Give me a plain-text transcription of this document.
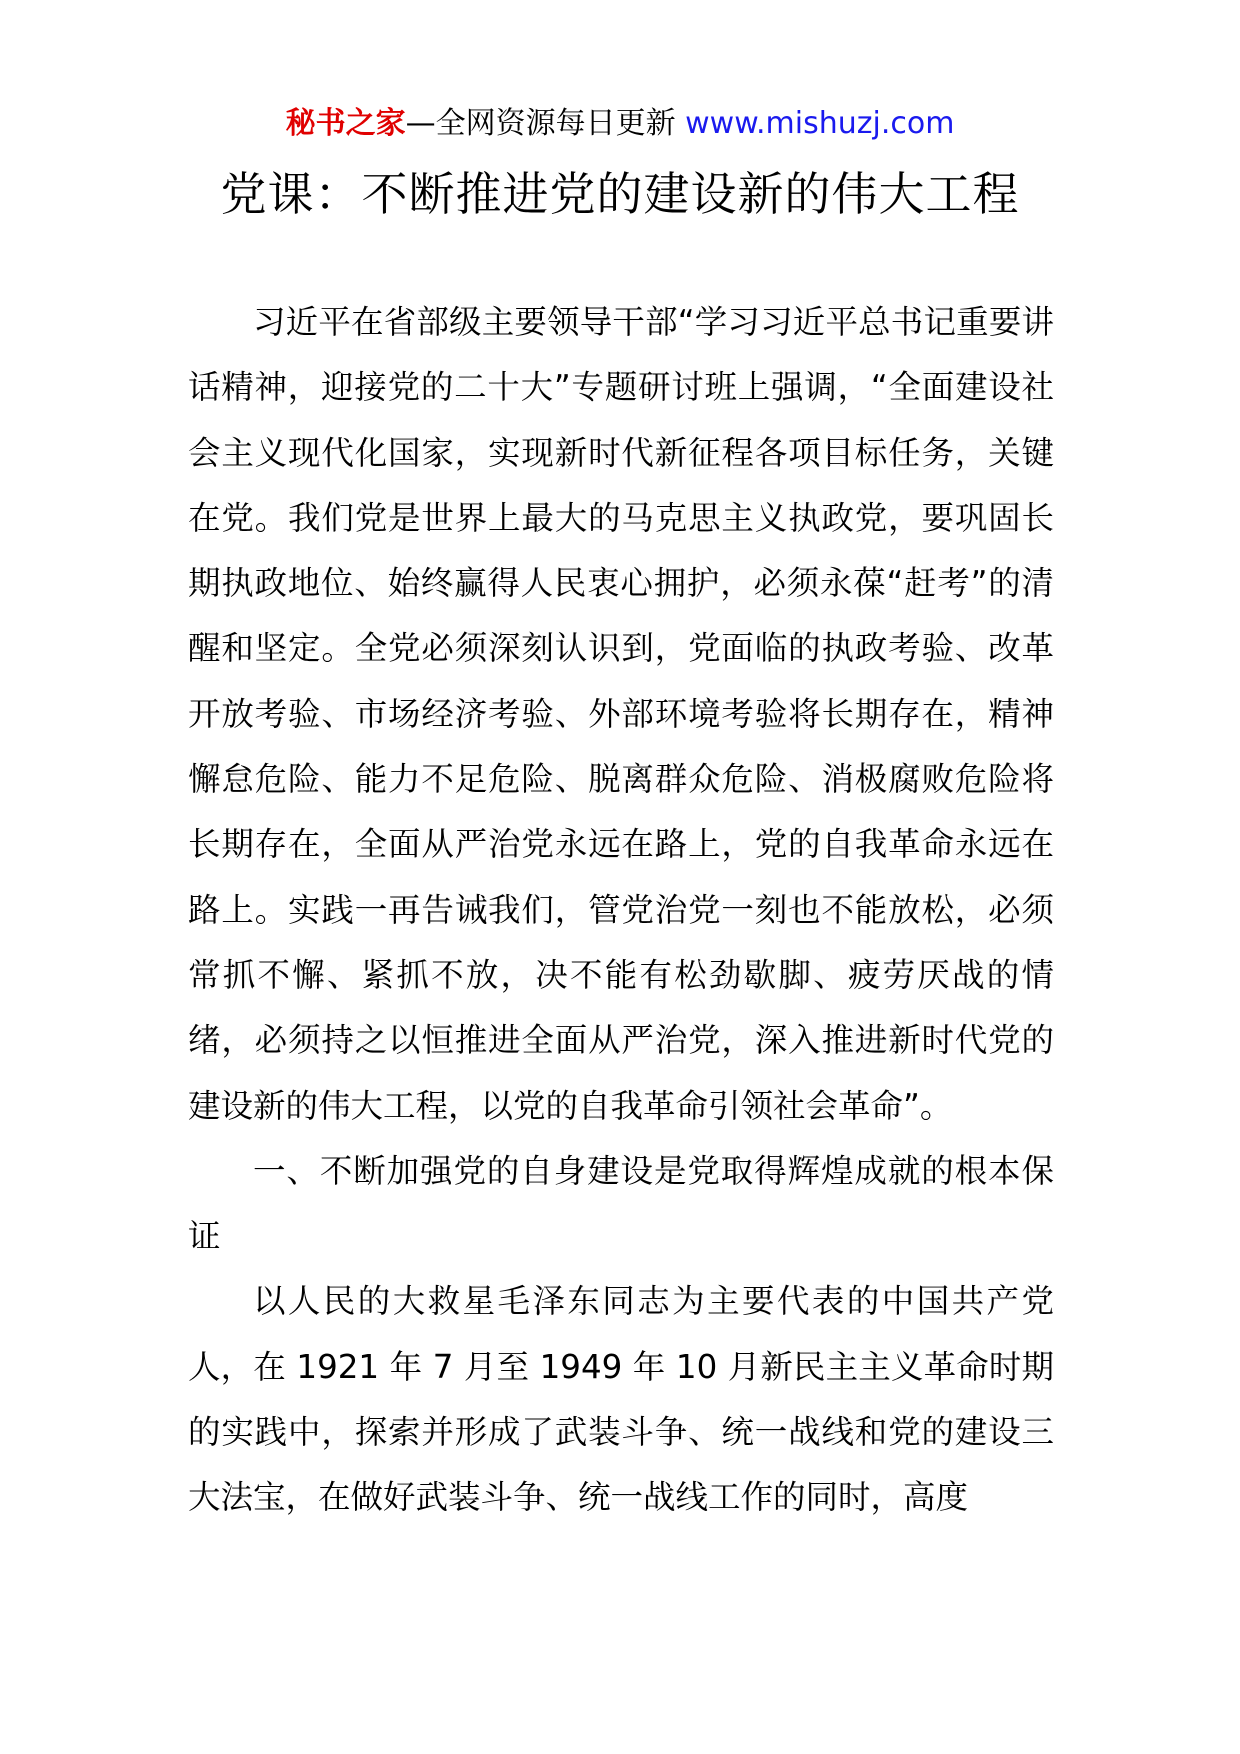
秘书之家—全网资源每日更新 www.mishuzj.com
党课：不断推进党的建设新的伟大工程

习近平在省部级主要领导干部“学习习近平总书记重要讲话精神，迎接党的二十大”专题研讨班上强调，“全面建设社会主义现代化国家，实现新时代新征程各项目标任务，关键在党。我们党是世界上最大的马克思主义执政党，要巩固长期执政地位、始终赢得人民衷心拥护，必须永葆“赶考”的清醒和坚定。全党必须深刻认识到，党面临的执政考验、改革开放考验、市场经济考验、外部环境考验将长期存在，精神懈怠危险、能力不足危险、脱离群众危险、消极腐败危险将长期存在，全面从严治党永远在路上，党的自我革命永远在路上。实践一再告诫我们，管党治党一刻也不能放松，必须常抓不懈、紧抓不放，决不能有松劲歇脚、疲劳厌战的情绪，必须持之以恒推进全面从严治党，深入推进新时代党的建设新的伟大工程，以党的自我革命引领社会革命”。

一、不断加强党的自身建设是党取得辉煌成就的根本保证

以人民的大救星毛泽东同志为主要代表的中国共产党人，在 1921 年 7 月至 1949 年 10 月新民主主义革命时期的实践中，探索并形成了武装斗争、统一战线和党的建设三大法宝，在做好武装斗争、统一战线工作的同时，高度
